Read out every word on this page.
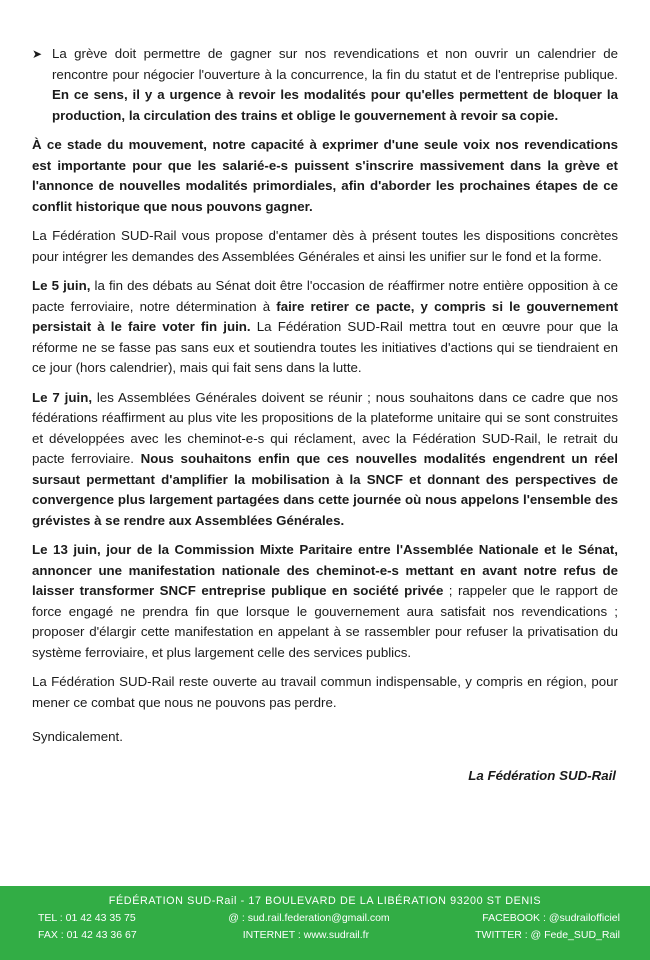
➤ La grève doit permettre de gagner sur nos revendications et non ouvrir un calendrier de rencontre pour négocier l'ouverture à la concurrence, la fin du statut et de l'entreprise publique. En ce sens, il y a urgence à revoir les modalités pour qu'elles permettent de bloquer la production, la circulation des trains et oblige le gouvernement à revoir sa copie.

À ce stade du mouvement, notre capacité à exprimer d'une seule voix nos revendications est importante pour que les salarié-e-s puissent s'inscrire massivement dans la grève et l'annonce de nouvelles modalités primordiales, afin d'aborder les prochaines étapes de ce conflit historique que nous pouvons gagner.

La Fédération SUD-Rail vous propose d'entamer dès à présent toutes les dispositions concrètes pour intégrer les demandes des Assemblées Générales et ainsi les unifier sur le fond et la forme.

Le 5 juin, la fin des débats au Sénat doit être l'occasion de réaffirmer notre entière opposition à ce pacte ferroviaire, notre détermination à faire retirer ce pacte, y compris si le gouvernement persistait à le faire voter fin juin. La Fédération SUD-Rail mettra tout en œuvre pour que la réforme ne se fasse pas sans eux et soutiendra toutes les initiatives d'actions qui se tiendraient en ce jour (hors calendrier), mais qui fait sens dans la lutte.

Le 7 juin, les Assemblées Générales doivent se réunir ; nous souhaitons dans ce cadre que nos fédérations réaffirment au plus vite les propositions de la plateforme unitaire qui se sont construites et développées avec les cheminot-e-s qui réclament, avec la Fédération SUD-Rail, le retrait du pacte ferroviaire. Nous souhaitons enfin que ces nouvelles modalités engendrent un réel sursaut permettant d'amplifier la mobilisation à la SNCF et donnant des perspectives de convergence plus largement partagées dans cette journée où nous appelons l'ensemble des grévistes à se rendre aux Assemblées Générales.

Le 13 juin, jour de la Commission Mixte Paritaire entre l'Assemblée Nationale et le Sénat, annoncer une manifestation nationale des cheminot-e-s mettant en avant notre refus de laisser transformer SNCF entreprise publique en société privée ; rappeler que le rapport de force engagé ne prendra fin que lorsque le gouvernement aura satisfait nos revendications ; proposer d'élargir cette manifestation en appelant à se rassembler pour refuser la privatisation du système ferroviaire, et plus largement celle des services publics.

La Fédération SUD-Rail reste ouverte au travail commun indispensable, y compris en région, pour mener ce combat que nous ne pouvons pas perdre.

Syndicalement.

La Fédération SUD-Rail
FÉDÉRATION SUD-Rail - 17 BOULEVARD DE LA LIBÉRATION 93200 ST DENIS
TEL : 01 42 43 35 75	@ : sud.rail.federation@gmail.com	FACEBOOK : @sudrailofficiel
FAX : 01 42 43 36 67	INTERNET : www.sudrail.fr	TWITTER : @ Fede_SUD_Rail
